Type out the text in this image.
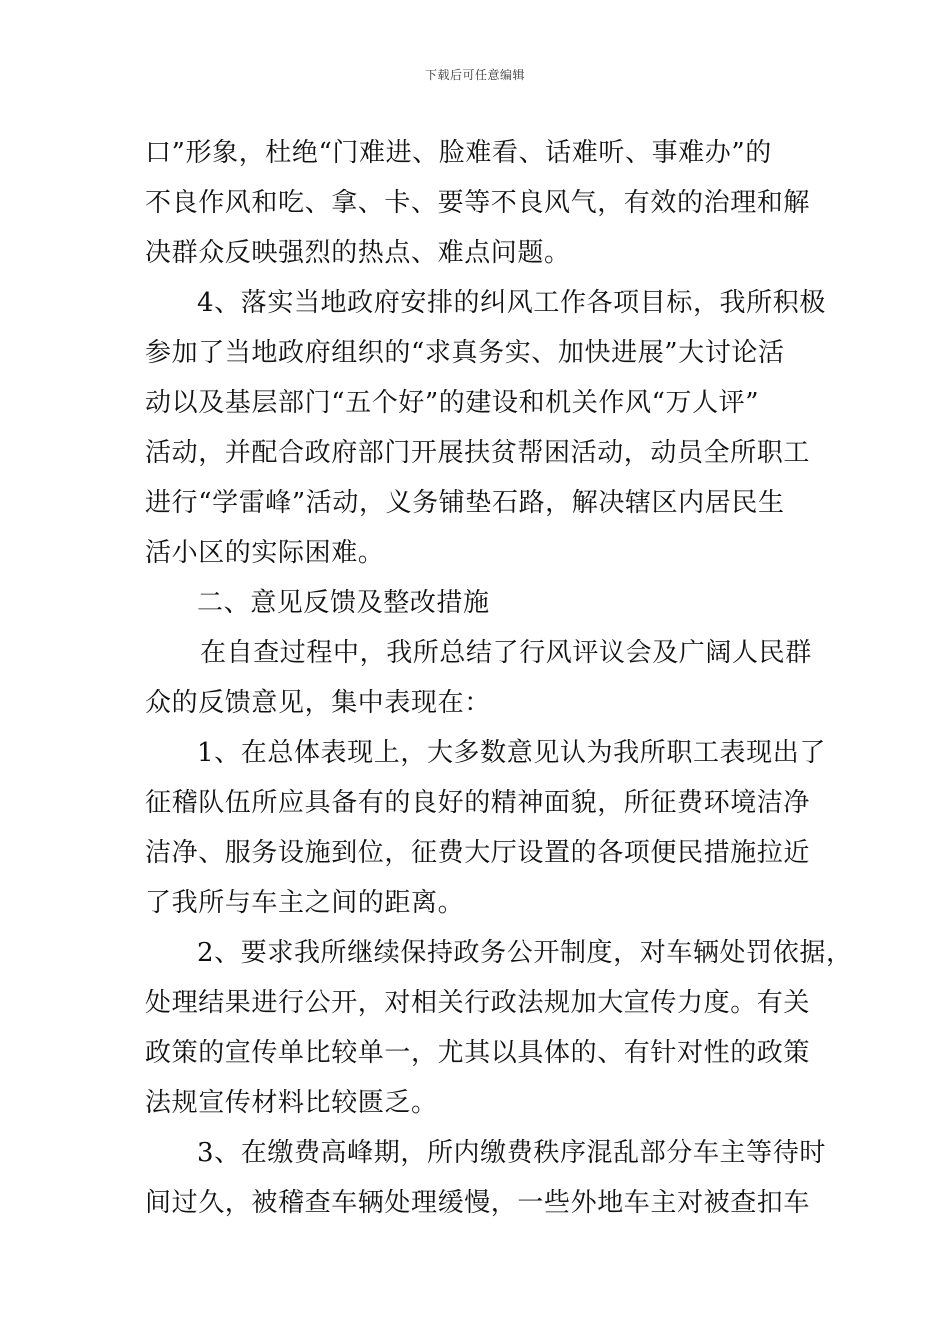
下载后可任意编辑
口”形象，杜绝“门难进、脸难看、话难听、事难办”的
不良作风和吃、拿、卡、要等不良风气，有效的治理和解
决群众反映强烈的热点、难点问题。
4、落实当地政府安排的纠风工作各项目标，我所积极
参加了当地政府组织的“求真务实、加快进展”大讨论活
动以及基层部门“五个好”的建设和机关作风“万人评”
活动，并配合政府部门开展扶贫帮困活动，动员全所职工
进行“学雷峰”活动，义务铺垫石路，解决辖区内居民生
活小区的实际困难。
二、意见反馈及整改措施
在自查过程中，我所总结了行风评议会及广阔人民群
众的反馈意见，集中表现在：
1、在总体表现上，大多数意见认为我所职工表现出了
征稽队伍所应具备有的良好的精神面貌，所征费环境洁净
洁净、服务设施到位，征费大厅设置的各项便民措施拉近
了我所与车主之间的距离。
2、要求我所继续保持政务公开制度，对车辆处罚依据，
处理结果进行公开，对相关行政法规加大宣传力度。有关
政策的宣传单比较单一，尤其以具体的、有针对性的政策
法规宣传材料比较匮乏。
3、在缴费高峰期，所内缴费秩序混乱部分车主等待时
间过久，被稽查车辆处理缓慢，一些外地车主对被查扣车
